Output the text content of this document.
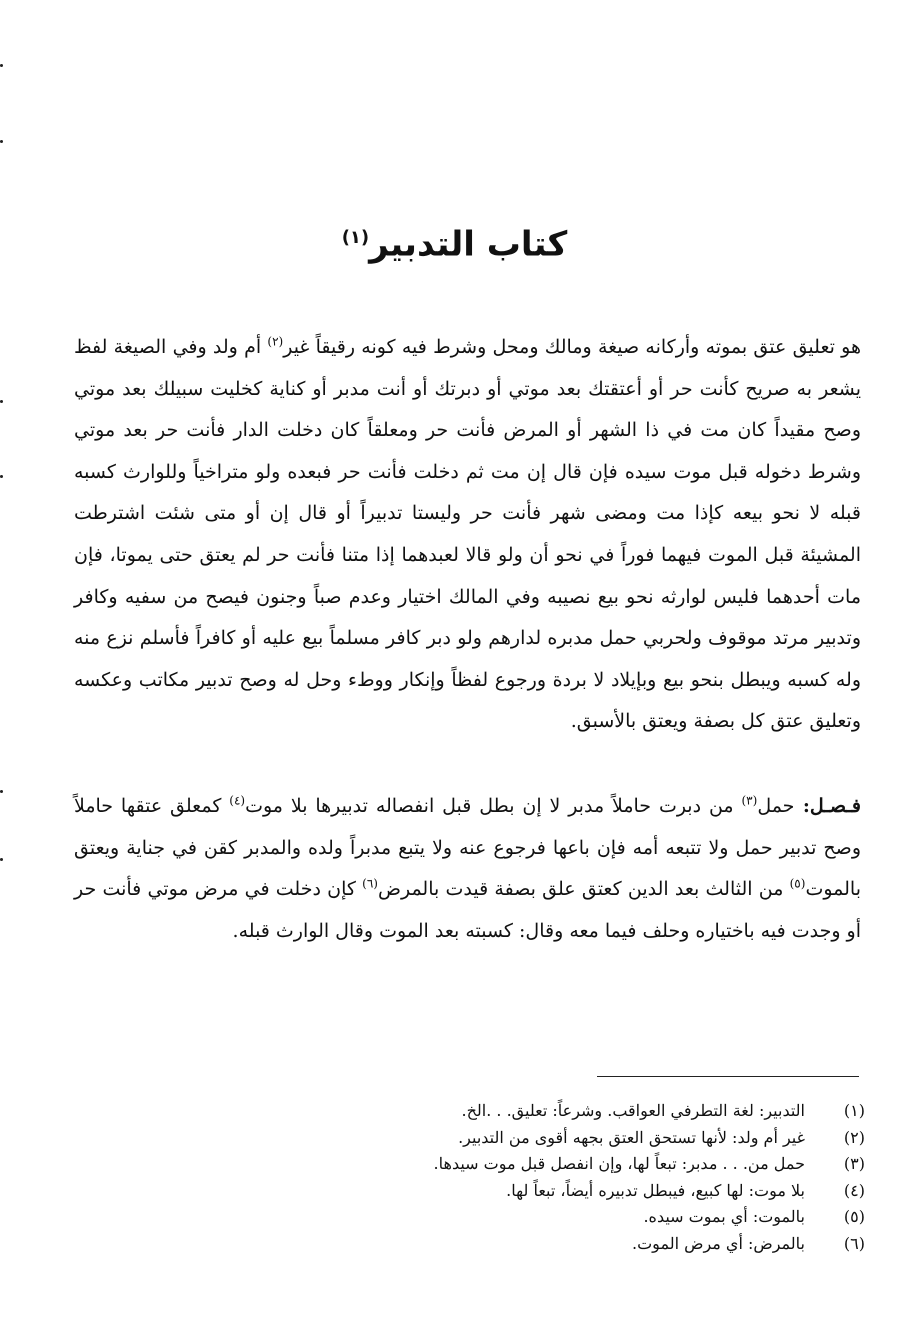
كتاب التدبير$^{(١)}$

هو تعليق عتق بموته وأركانه صيغة ومالك ومحل وشرط فيه كونه رقيقاً غير$^{(٢)}$ أم ولد وفي الصيغة لفظ يشعر به صريح كأنت حر أو أعتقتك بعد موتي أو دبرتك أو أنت مدبر أو كناية كخليت سبيلك بعد موتي وصح مقيداً كان مت في ذا الشهر أو المرض فأنت حر ومعلقاً كان دخلت الدار فأنت حر بعد موتي وشرط دخوله قبل موت سيده فإن قال إن مت ثم دخلت فأنت حر فبعده ولو متراخياً وللوارث كسبه قبله لا نحو بيعه كإذا مت ومضى شهر فأنت حر وليستا تدبيراً أو قال إن أو متى شئت اشترطت المشيئة قبل الموت فيهما فوراً في نحو أن ولو قالا لعبدهما إذا متنا فأنت حر لم يعتق حتى يموتا، فإن مات أحدهما فليس لوارثه نحو بيع نصيبه وفي المالك اختيار وعدم صباً وجنون فيصح من سفيه وكافر وتدبير مرتد موقوف ولحربي حمل مدبره لدارهم ولو دبر كافر مسلماً بيع عليه أو كافراً فأسلم نزع منه وله كسبه ويبطل بنحو بيع وبإيلاد لا بردة ورجوع لفظاً وإنكار ووطء وحل له وصح تدبير مكاتب وعكسه وتعليق عتق كل بصفة ويعتق بالأسبق.

فـصـل: حمل$^{(٣)}$ من دبرت حاملاً مدبر لا إن بطل قبل انفصاله تدبيرها بلا موت$^{(٤)}$ كمعلق عتقها حاملاً وصح تدبير حمل ولا تتبعه أمه فإن باعها فرجوع عنه ولا يتبع مدبراً ولده والمدبر كقن في جناية ويعتق بالموت$^{(٥)}$ من الثالث بعد الدين كعتق علق بصفة قيدت بالمرض$^{(٦)}$ كإن دخلت في مرض موتي فأنت حر أو وجدت فيه باختياره وحلف فيما معه وقال: كسبته بعد الموت وقال الوارث قبله.

(١)
التدبير: لغة التطرفي العواقب. وشرعاً: تعليق. . .الخ.
(٢)
غير أم ولد: لأنها تستحق العتق بجهه أقوى من التدبير.
(٣)
حمل من. . . مدبر: تبعاً لها، وإن انفصل قبل موت سيدها.
(٤)
بلا موت: لها كبيع، فيبطل تدبيره أيضاً، تبعاً لها.
(٥)
بالموت: أي بموت سيده.
(٦)
بالمرض: أي مرض الموت.
